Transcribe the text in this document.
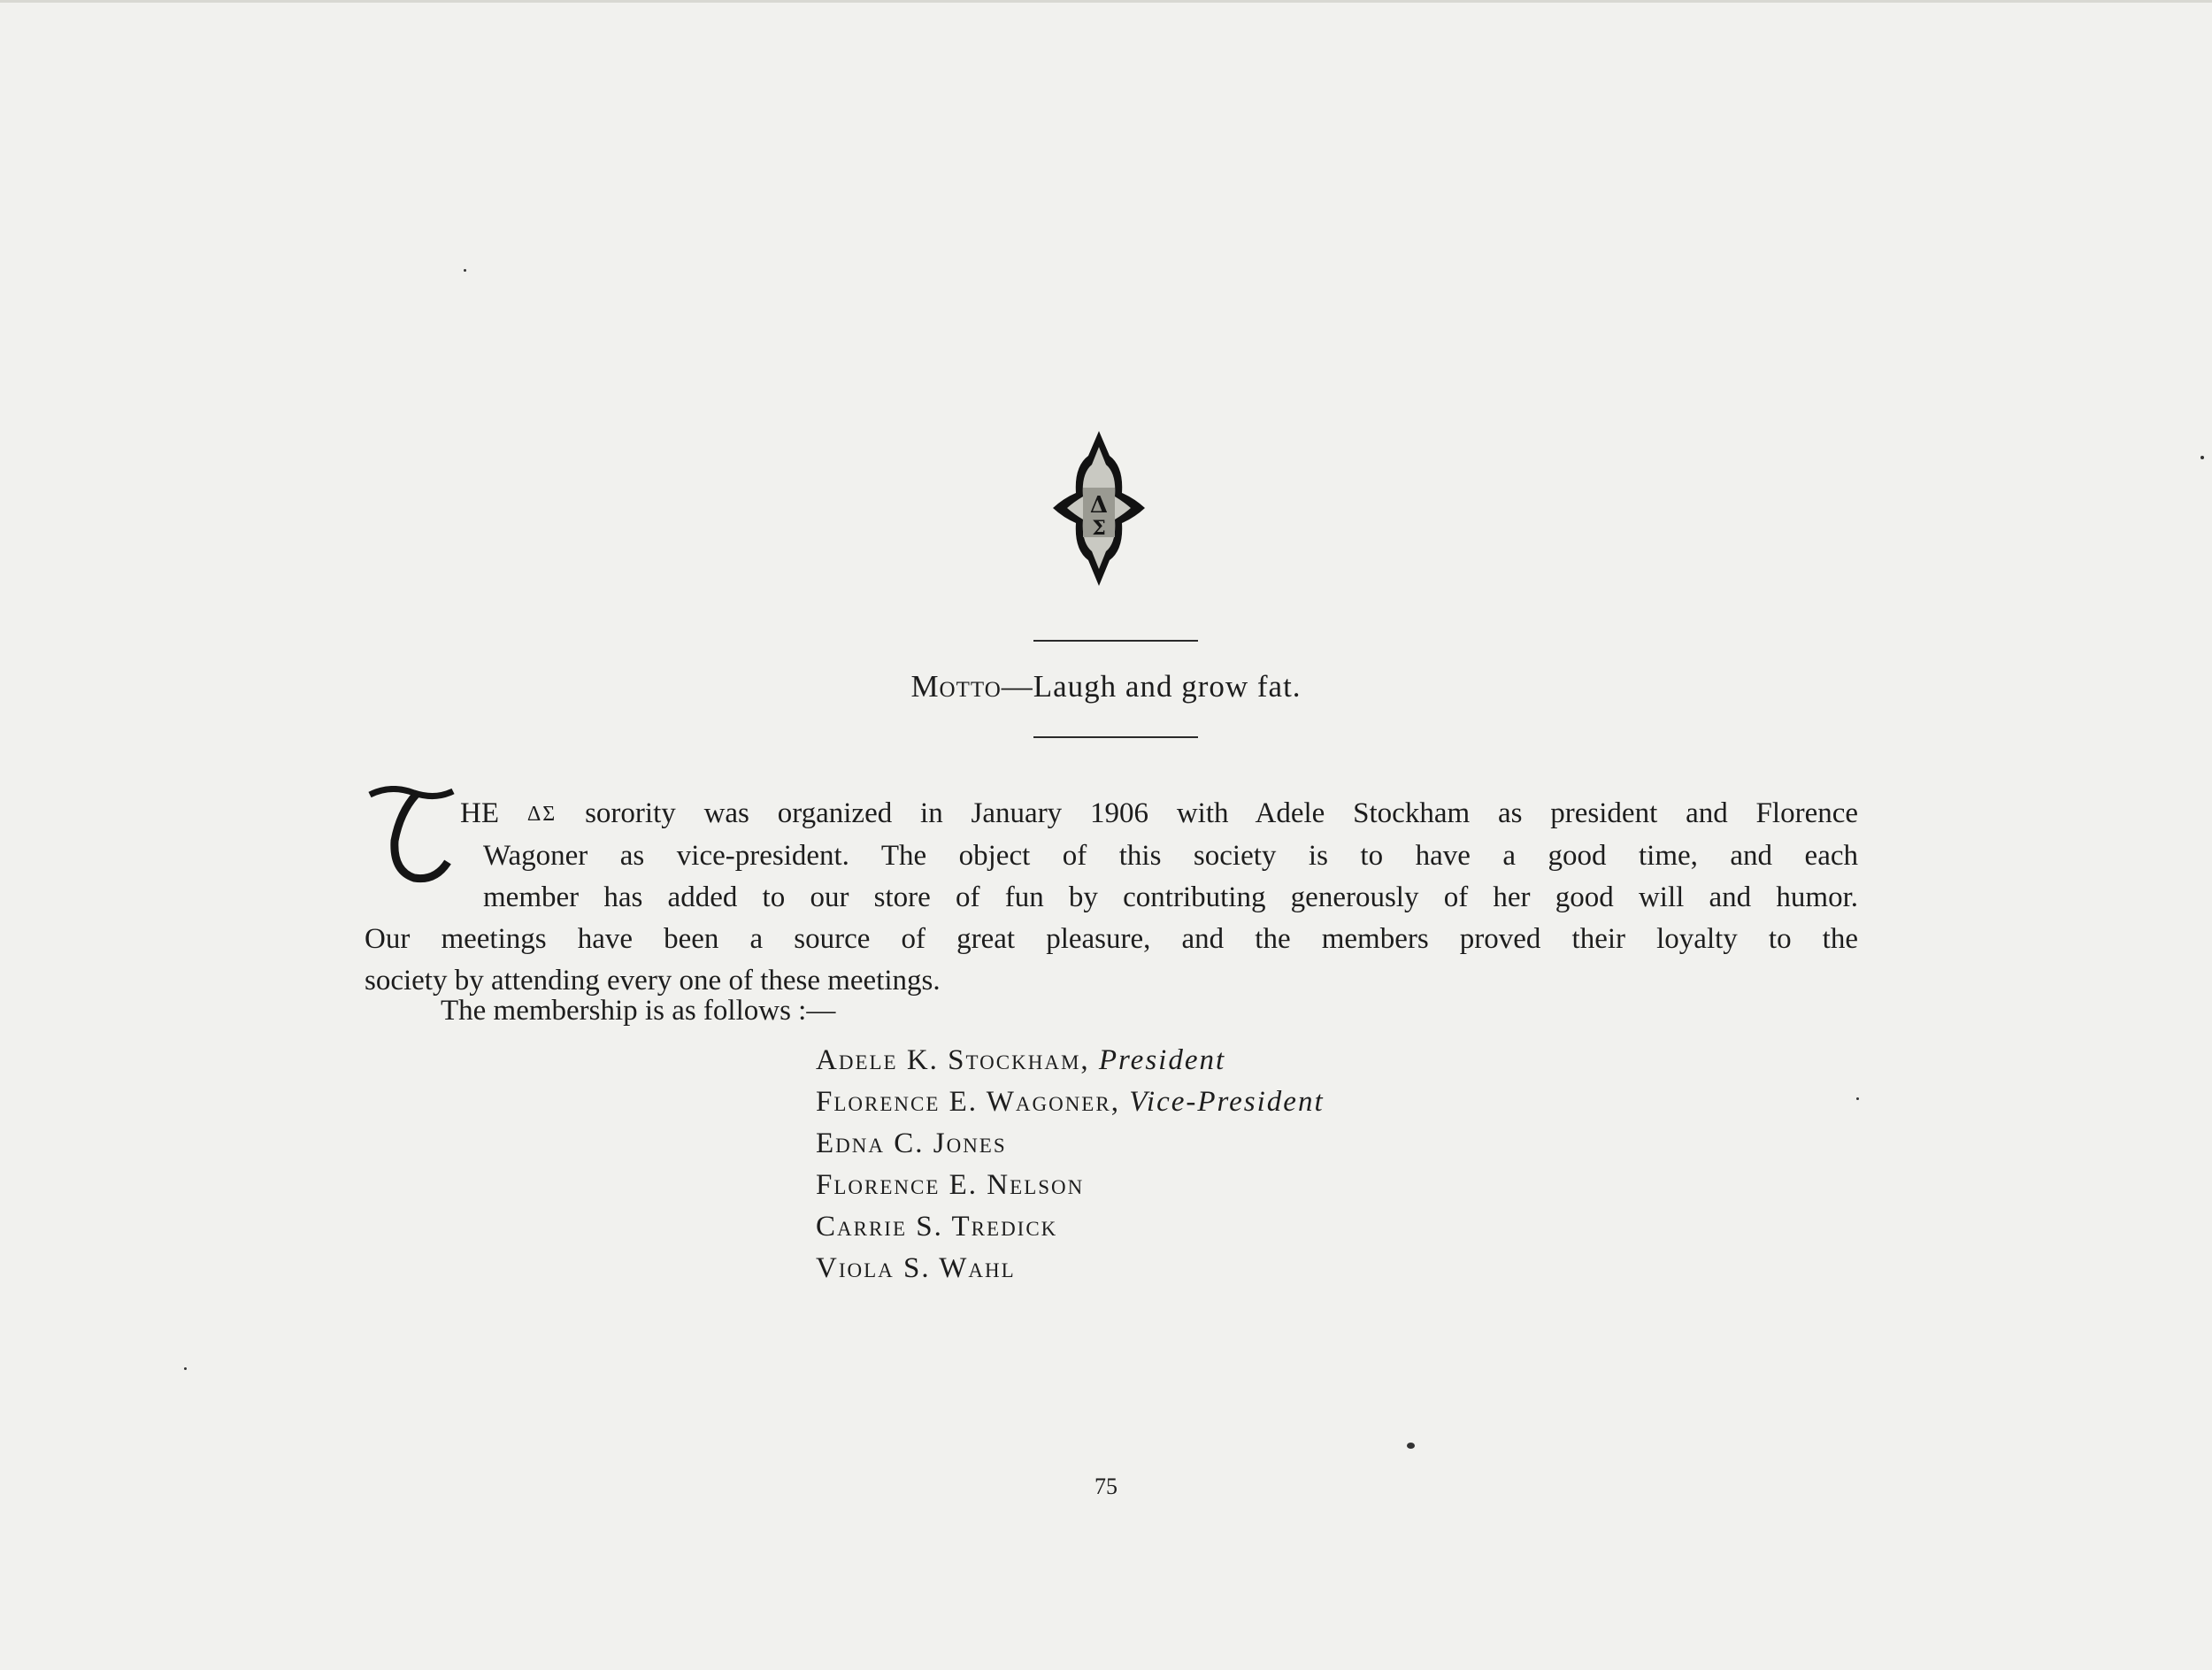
Δ
Σ
Motto—Laugh and grow fat.
HE ΔΣ sorority was organized in January 1906 with Adele Stockham as president and Florence
Wagoner as vice-president. The object of this society is to have a good time, and each
member has added to our store of fun by contributing generously of her good will and humor.
Our meetings have been a source of great pleasure, and the members proved their loyalty to the
society by attending every one of these meetings.
The membership is as follows :—
Adele K. Stockham, President
Florence E. Wagoner, Vice-President
Edna C. Jones
Florence E. Nelson
Carrie S. Tredick
Viola S. Wahl
75
